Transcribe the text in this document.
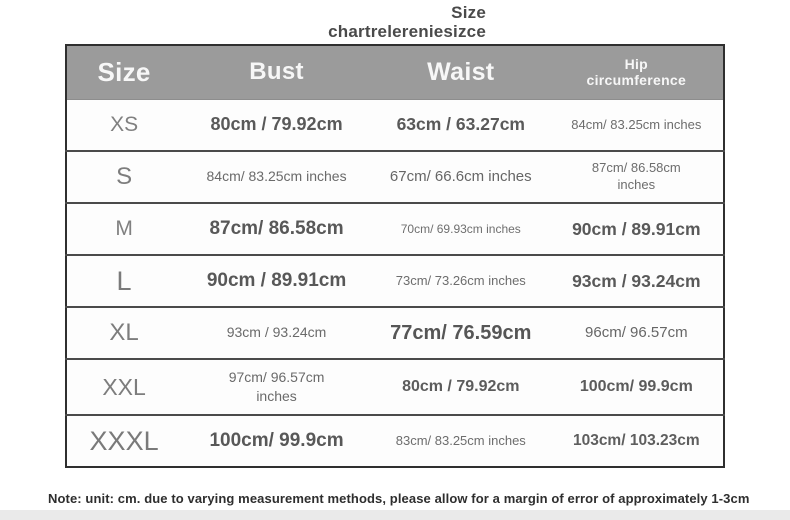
Size
chartrelereniesizce
Size	Bust	Waist	Hip circumference
XS	80cm / 79.92cm	63cm / 63.27cm	84cm/ 83.25cm inches
S	84cm/ 83.25cm inches	67cm/ 66.6cm inches	87cm/ 86.58cm inches
M	87cm/ 86.58cm	70cm/ 69.93cm inches	90cm / 89.91cm
L	90cm / 89.91cm	73cm/ 73.26cm inches	93cm / 93.24cm
XL	93cm / 93.24cm	77cm/ 76.59cm	96cm/ 96.57cm
XXL	97cm/ 96.57cm inches	80cm / 79.92cm	100cm/ 99.9cm
XXXL	100cm/ 99.9cm	83cm/ 83.25cm inches	103cm/ 103.23cm
Note: unit: cm. due to varying measurement methods, please allow for a margin of error of approximately 1-3cm
